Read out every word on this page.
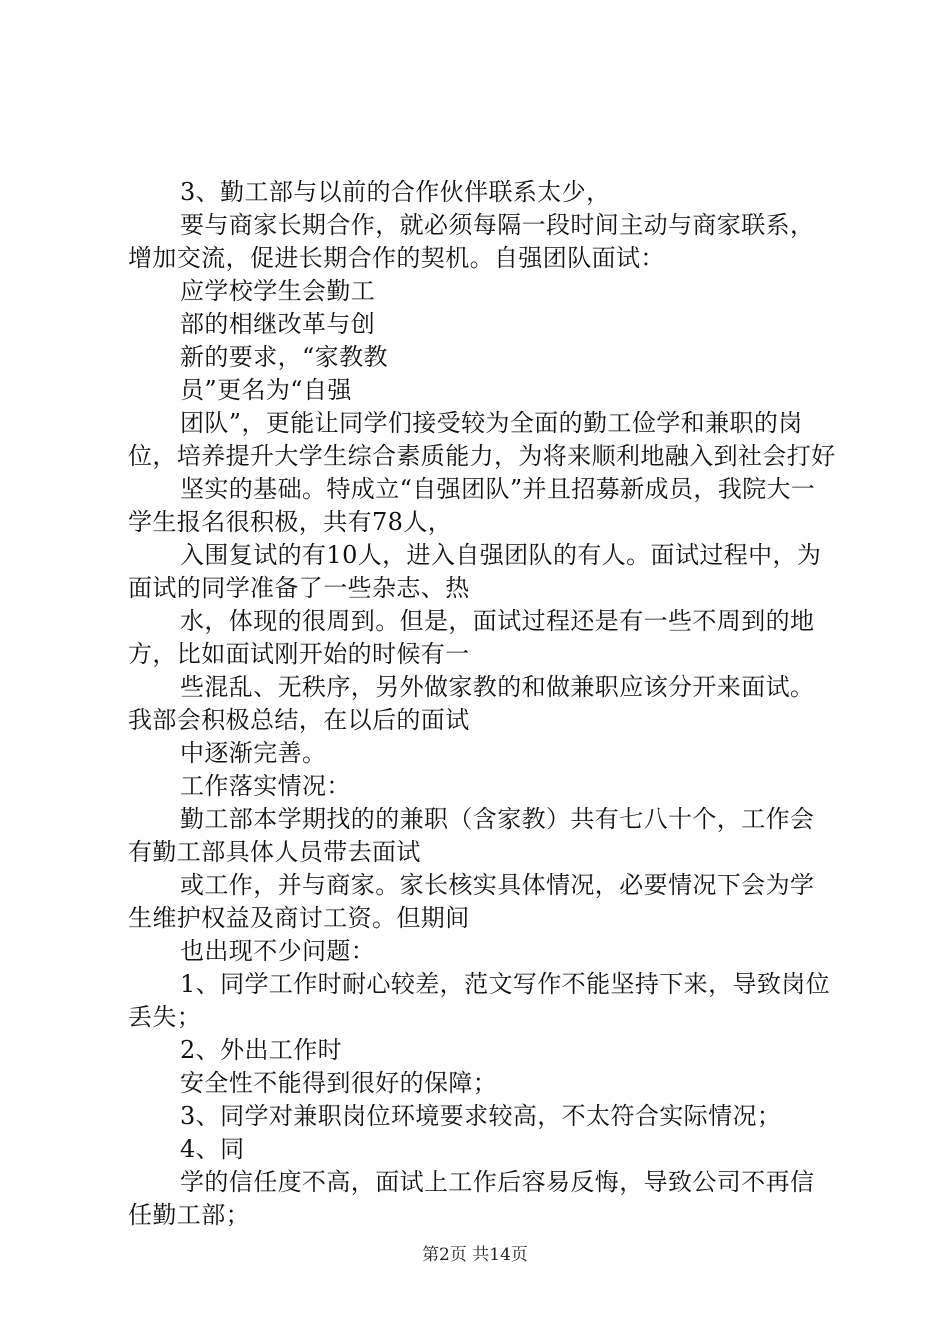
3、勤工部与以前的合作伙伴联系太少，

要与商家长期合作，就必须每隔一段时间主动与商家联系，增加交流，促进长期合作的契机。自强团队面试：

应学校学生会勤工

部的相继改革与创

新的要求，“家教教

员”更名为“自强

团队”，更能让同学们接受较为全面的勤工俭学和兼职的岗位，培养提升大学生综合素质能力，为将来顺利地融入到社会打好

坚实的基础。特成立“自强团队”并且招募新成员，我院大一学生报名很积极，共有78人，

入围复试的有10人，进入自强团队的有人。面试过程中，为面试的同学准备了一些杂志、热

水，体现的很周到。但是，面试过程还是有一些不周到的地方，比如面试刚开始的时候有一

些混乱、无秩序，另外做家教的和做兼职应该分开来面试。我部会积极总结，在以后的面试

中逐渐完善。

工作落实情况：

勤工部本学期找的的兼职（含家教）共有七八十个，工作会有勤工部具体人员带去面试

或工作，并与商家。家长核实具体情况，必要情况下会为学生维护权益及商讨工资。但期间

也出现不少问题：

1、同学工作时耐心较差，范文写作不能坚持下来，导致岗位丢失；

2、外出工作时

安全性不能得到很好的保障；

3、同学对兼职岗位环境要求较高，不太符合实际情况；

4、同

学的信任度不高，面试上工作后容易反悔，导致公司不再信任勤工部；

第2页 共14页
